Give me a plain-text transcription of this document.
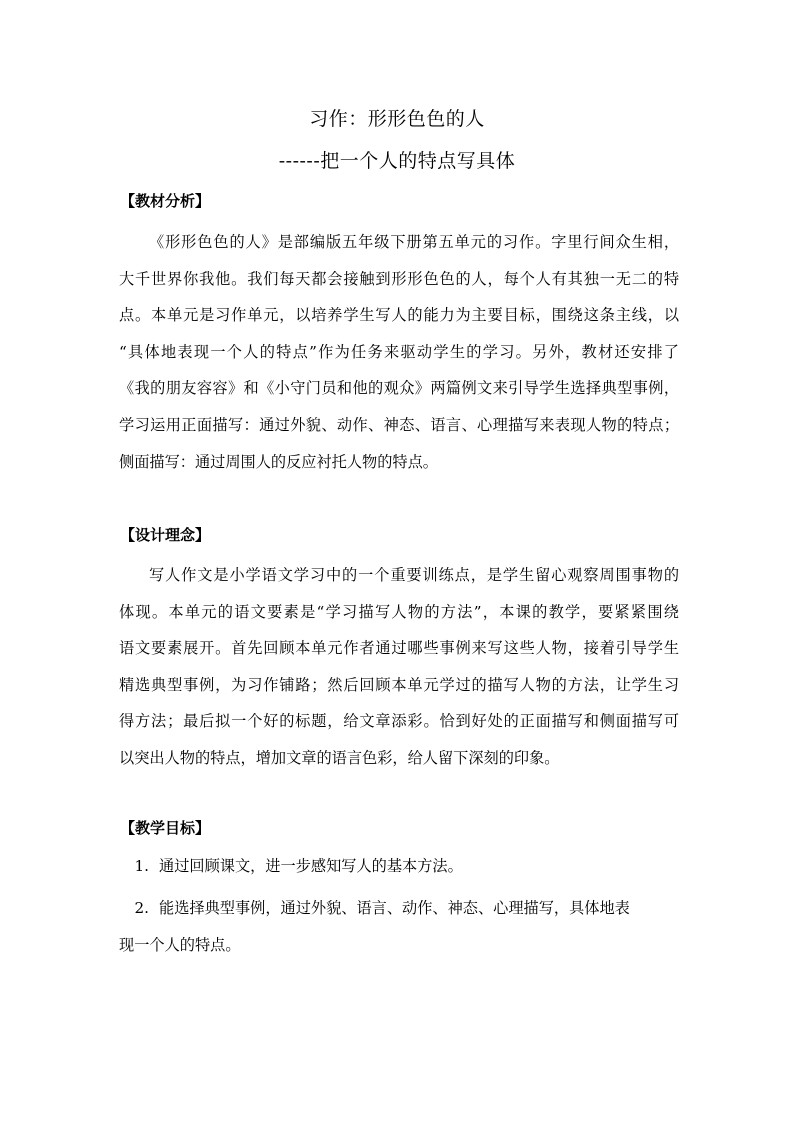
习作：形形色色的人
------把一个人的特点写具体
【教材分析】
《形形色色的人》是部编版五年级下册第五单元的习作。字里行间众生相，
大千世界你我他。我们每天都会接触到形形色色的人，每个人有其独一无二的特
点。本单元是习作单元，以培养学生写人的能力为主要目标，围绕这条主线，以
“具体地表现一个人的特点”作为任务来驱动学生的学习。另外，教材还安排了
《我的朋友容容》和《小守门员和他的观众》两篇例文来引导学生选择典型事例，
学习运用正面描写：通过外貌、动作、神态、语言、心理描写来表现人物的特点；
侧面描写：通过周围人的反应衬托人物的特点。
【设计理念】
写人作文是小学语文学习中的一个重要训练点，是学生留心观察周围事物的
体现。本单元的语文要素是“学习描写人物的方法”，本课的教学，要紧紧围绕
语文要素展开。首先回顾本单元作者通过哪些事例来写这些人物，接着引导学生
精选典型事例，为习作铺路；然后回顾本单元学过的描写人物的方法，让学生习
得方法；最后拟一个好的标题，给文章添彩。恰到好处的正面描写和侧面描写可
以突出人物的特点，增加文章的语言色彩，给人留下深刻的印象。
【教学目标】
1. 通过回顾课文，进一步感知写人的基本方法。
2. 能选择典型事例，通过外貌、语言、动作、神态、心理描写，具体地表
现一个人的特点。
